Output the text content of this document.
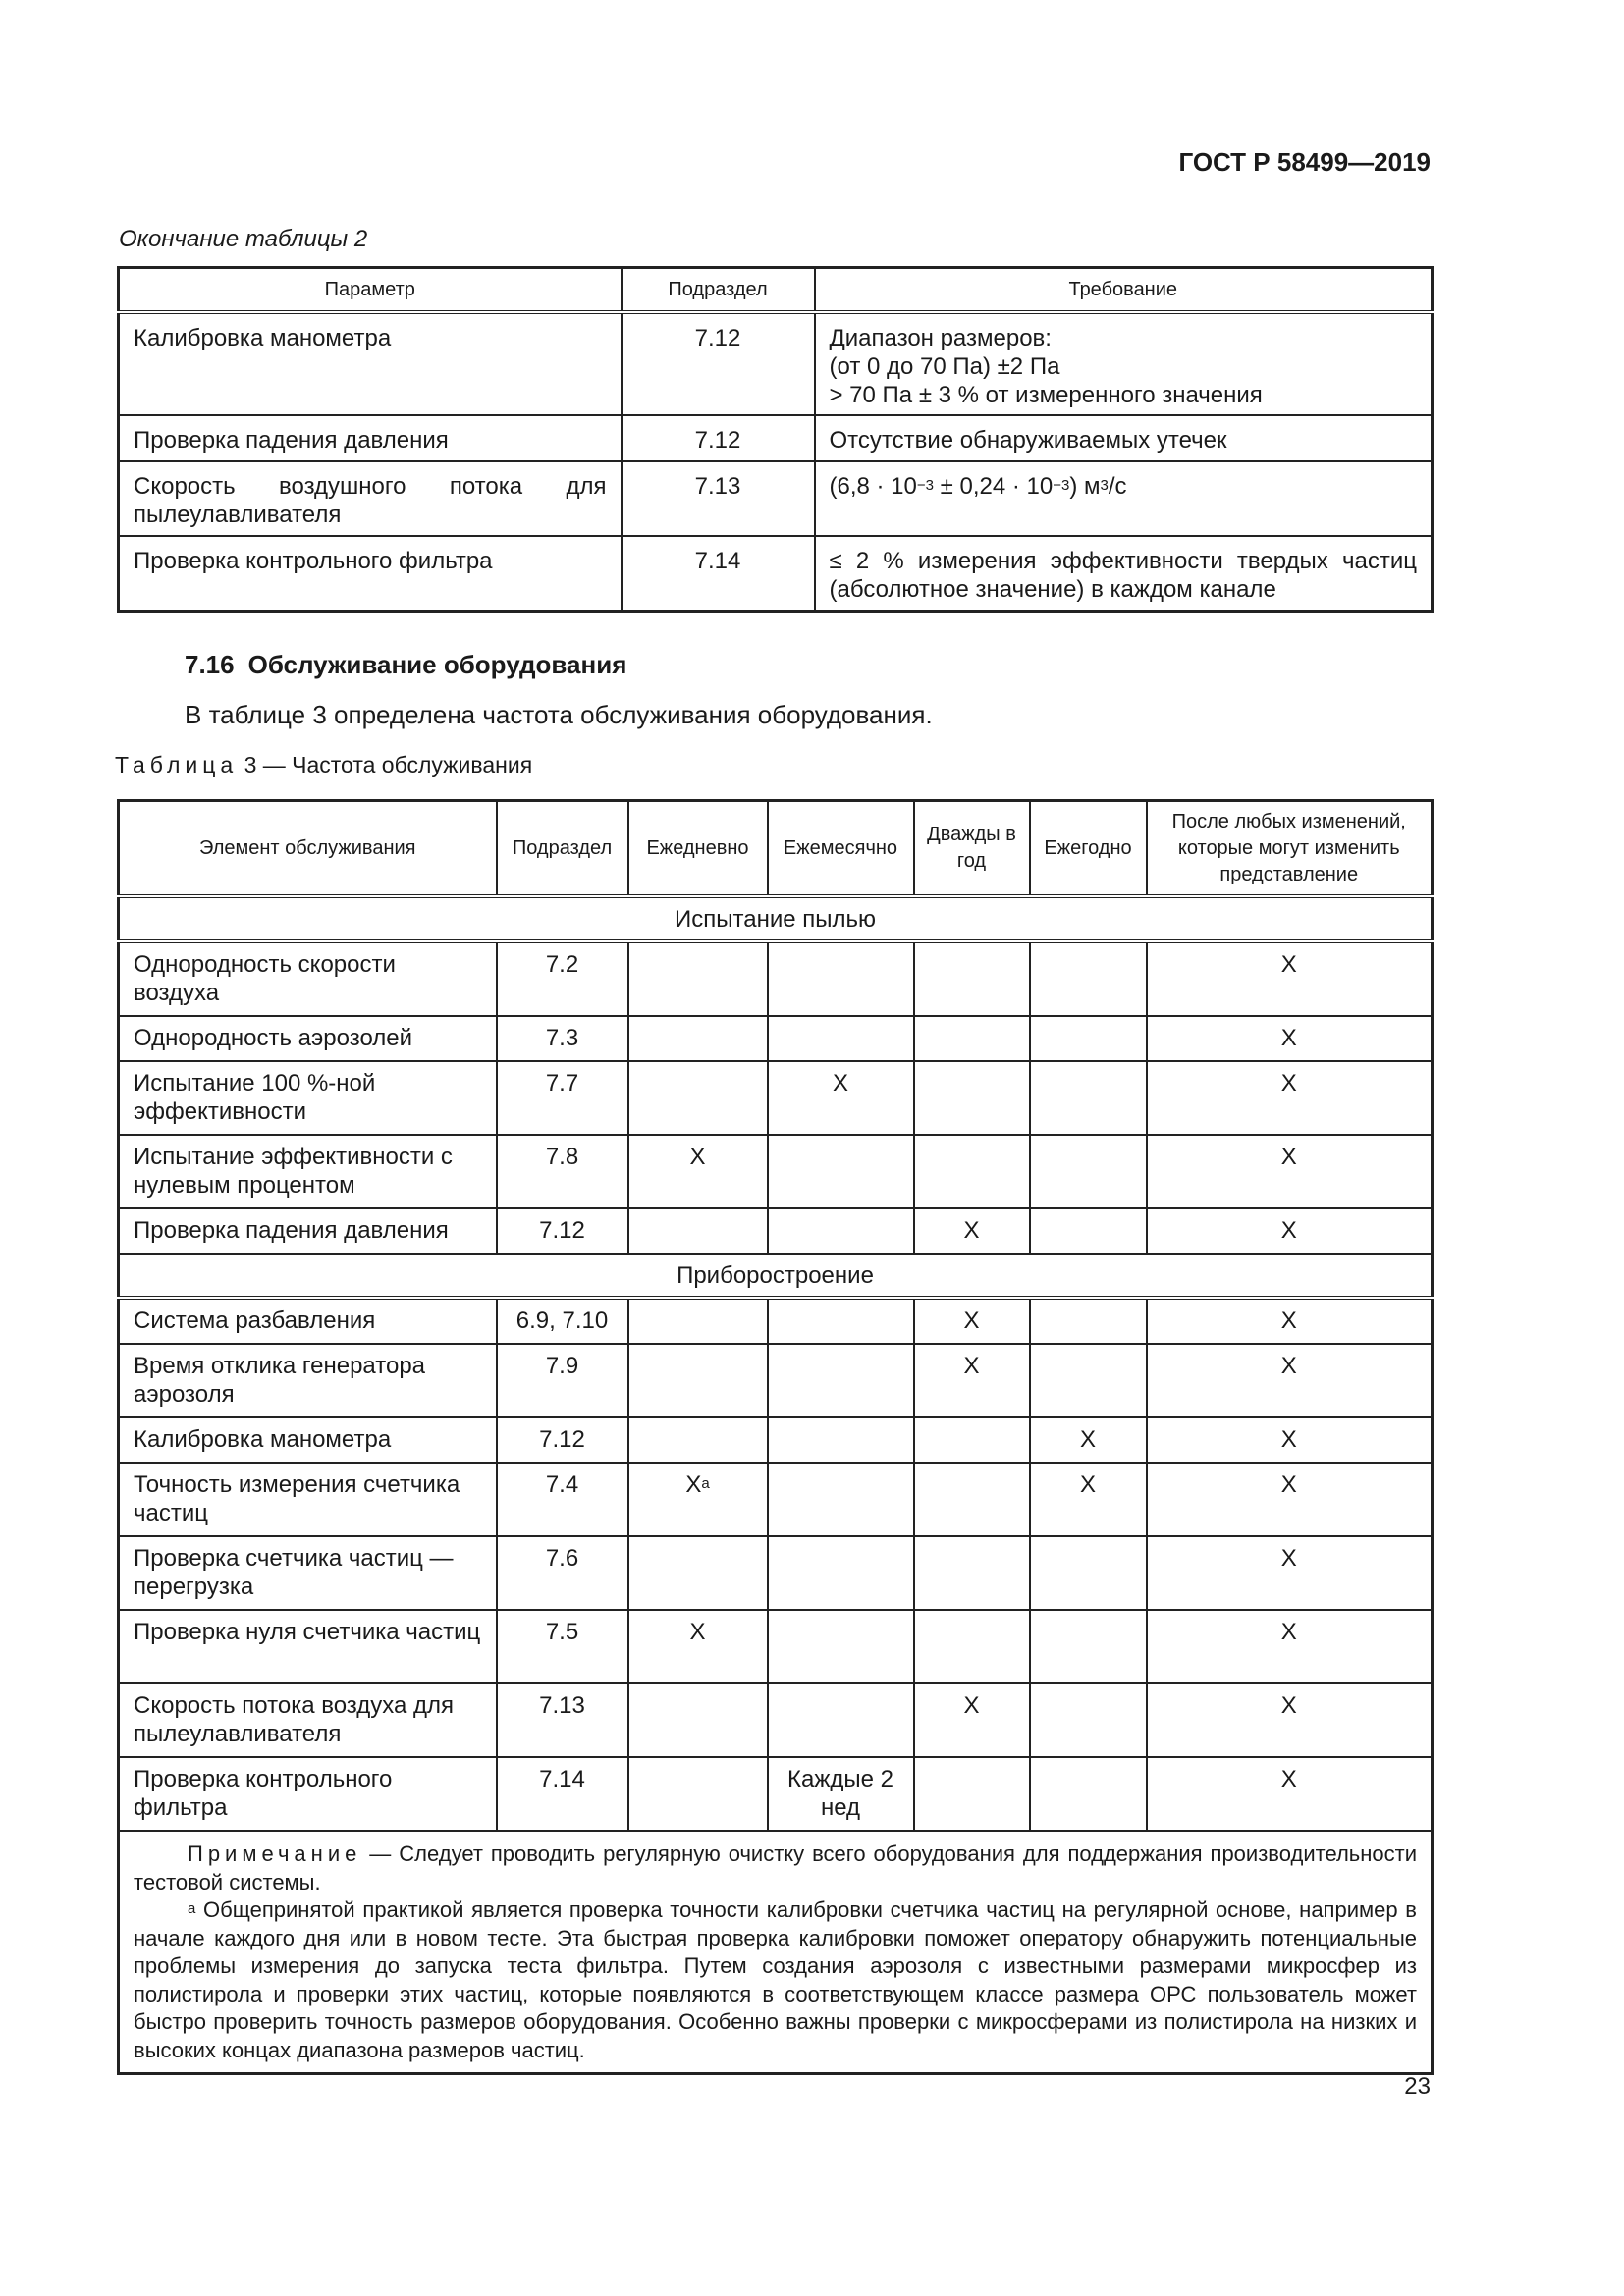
ГОСТ Р 58499—2019
Окончание таблицы 2
Параметр	Подраздел	Требование
Калибровка манометра	7.12	Диапазон размеров:
(от 0 до 70 Па) ±2 Па
> 70 Па ± 3 % от измеренного значения

Проверка падения давления	7.12	Отсутствие обнаруживаемых утечек
Скорость воздушного потока для пылеулавливателя	7.13	$(6,8 \cdot 10^{-3} \pm 0,24 \cdot 10^{-3})$ $м^3/с$
Проверка контрольного фильтра	7.14	≤ 2 % измерения эффективности твердых частиц (абсолютное значение) в каждом канале
7.16 Обслуживание оборудования
В таблице 3 определена частота обслуживания оборудования.
Таблица 3 — Частота обслуживания
Элемент обслуживания	Подраздел	Ежедневно	Ежемесячно	Дважды в год	Ежегодно	После любых изменений, которые могут изменить представление
Испытание пылью						
Однородность скорости воздуха	7.2					X
Однородность аэрозолей	7.3					X
Испытание 100 %-ной эффективности	7.7		X			X
Испытание эффективности с нулевым процентом	7.8	X				X
Проверка падения давления	7.12			X		X
Приборостроение						
Система разбавления	6.9, 7.10			X		X
Время отклика генератора аэрозоля	7.9			X		X
Калибровка манометра	7.12				X	X
Точность измерения счетчика частиц	7.4	$X^a$			X	X
Проверка счетчика частиц — перегрузка	7.6					X
Проверка нуля счетчика частиц	7.5	X				X
Скорость потока воздуха для пылеулавливателя	7.13			X		X
Проверка контрольного фильтра	7.14		Каждые 2 нед			X

Примечание — Следует проводить регулярную очистку всего оборудования для поддержания производительности тестовой системы.

$^a$ Общепринятой практикой является проверка точности калибровки счетчика частиц на регулярной основе, например в начале каждого дня или в новом тесте. Эта быстрая проверка калибровки поможет оператору обнаружить потенциальные проблемы измерения до запуска теста фильтра. Путем создания аэрозоля с известными размерами микросфер из полистирола и проверки этих частиц, которые появляются в соответствующем классе размера ОРС пользователь может быстро проверить точность размеров оборудования. Особенно важны проверки с микросферами из полистирола на низких и высоких концах диапазона размеров частиц.						

23
